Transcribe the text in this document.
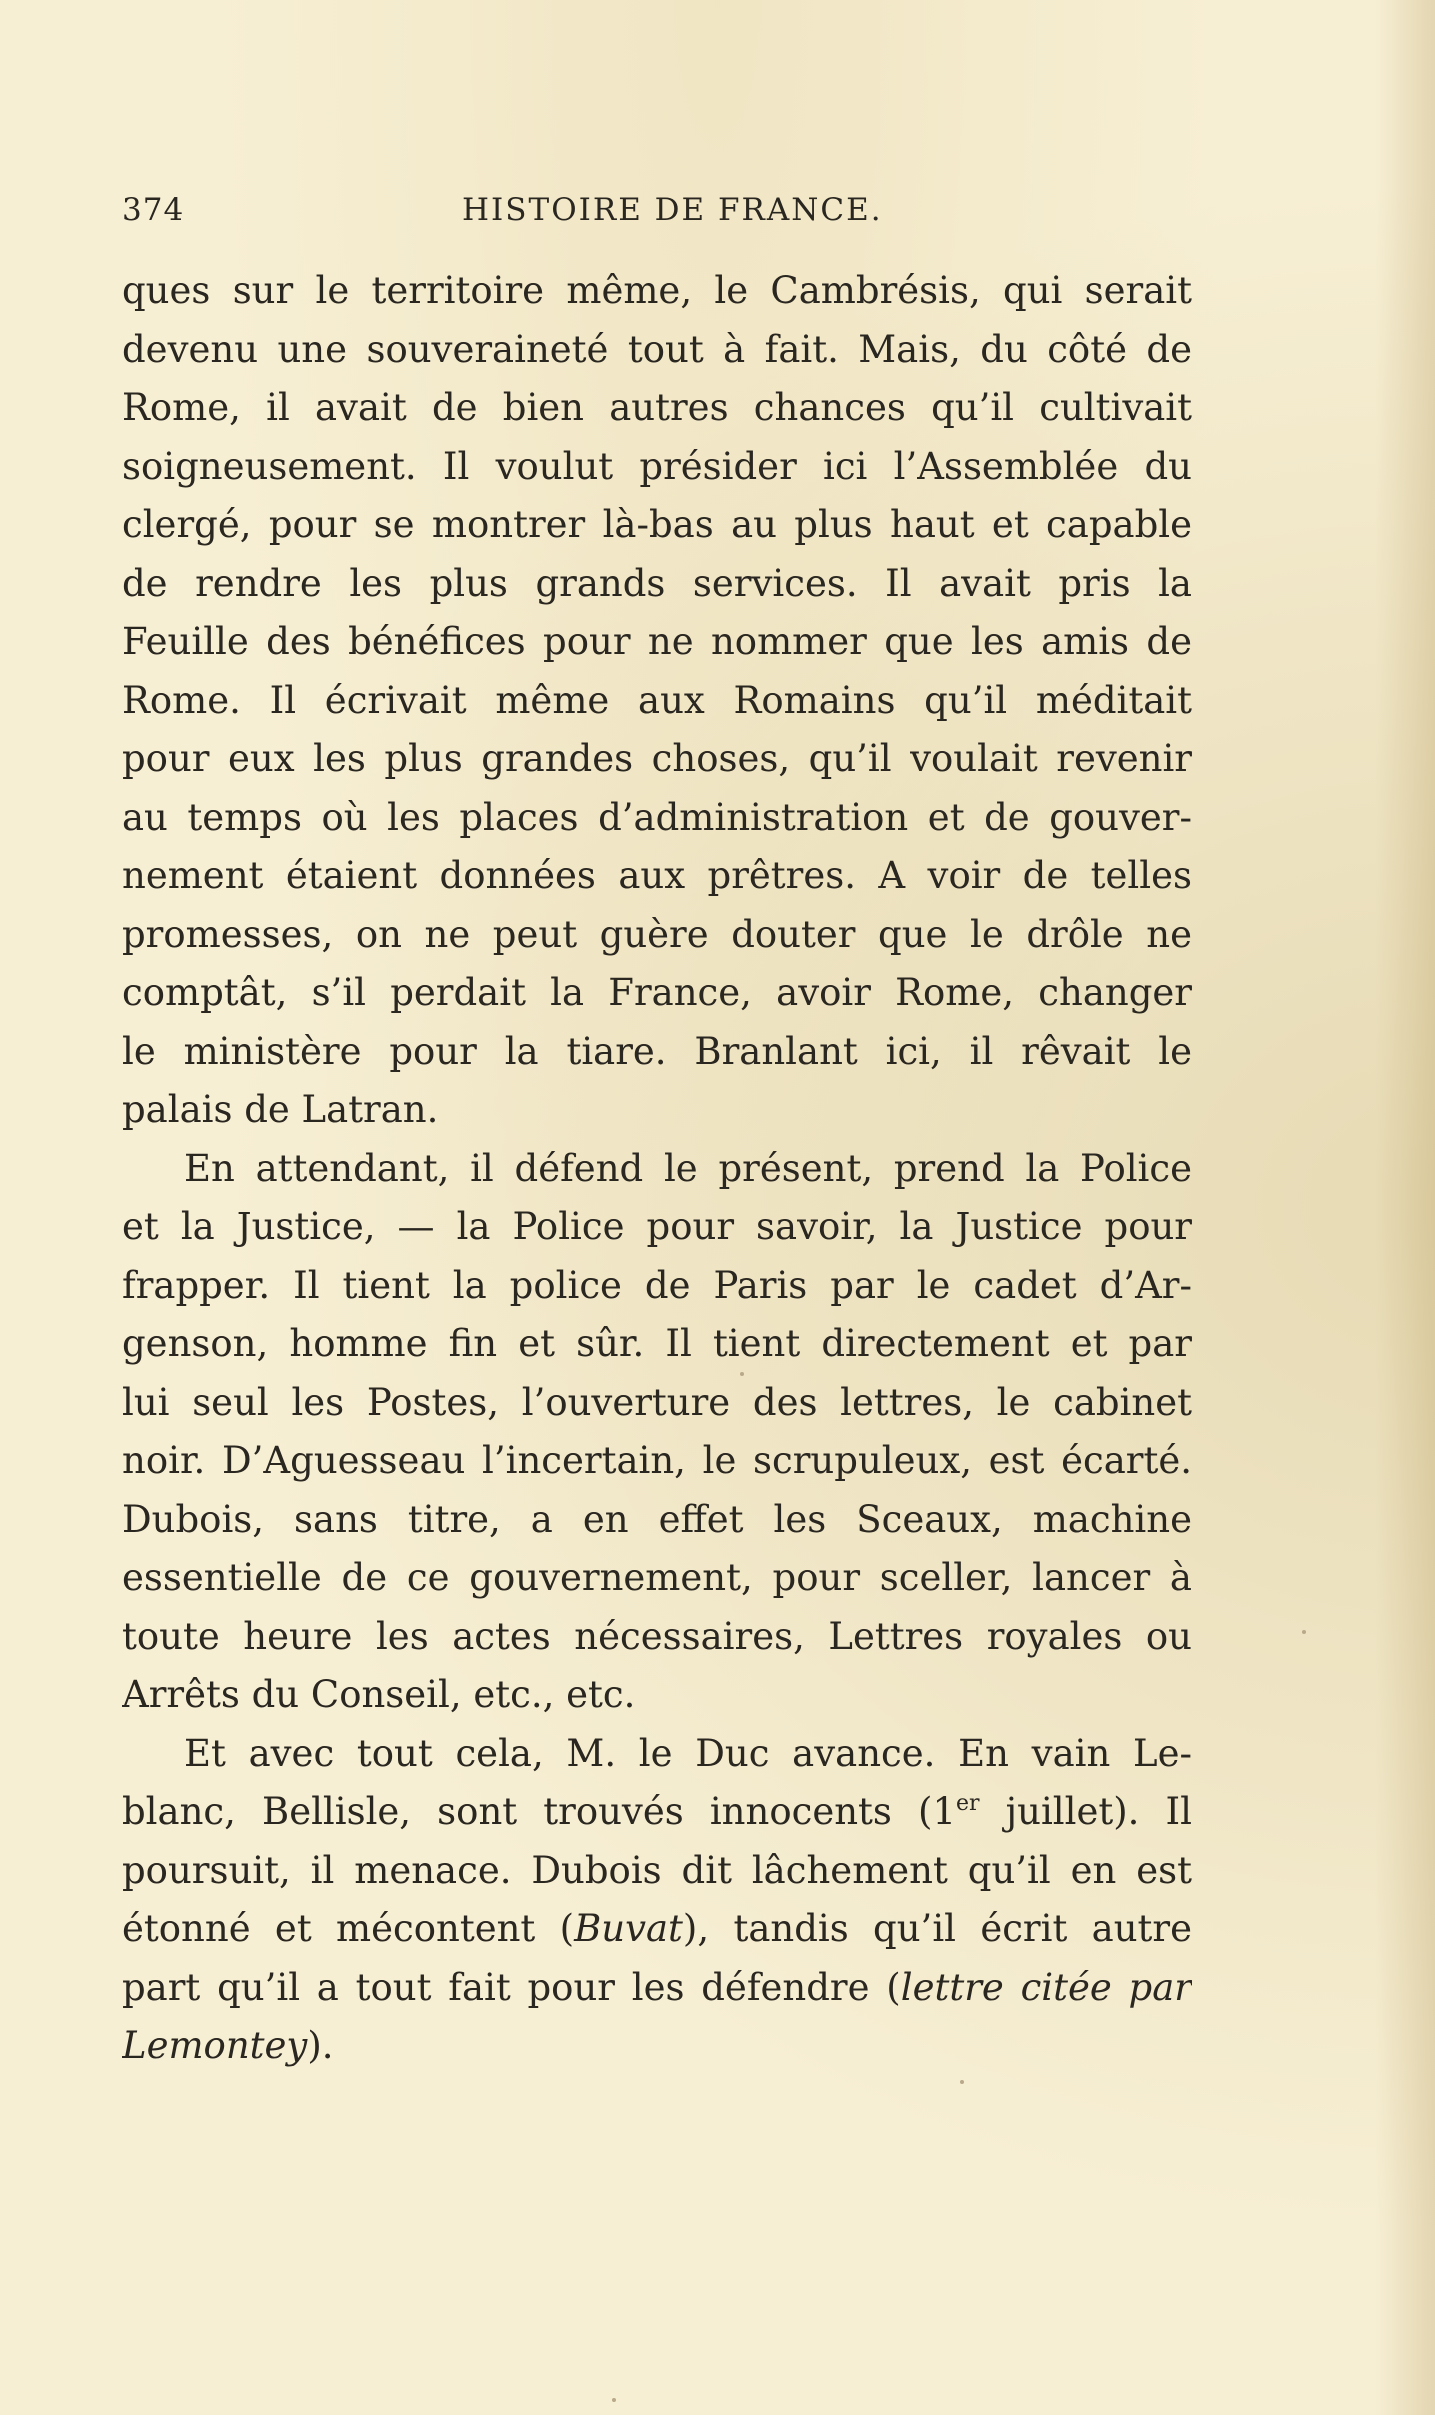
374	HISTOIRE DE FRANCE.
ques sur le territoire même, le Cambrésis, qui serait
devenu une souveraineté tout à fait. Mais, du côté de
Rome, il avait de bien autres chances qu’il cultivait
soigneusement. Il voulut présider ici l’Assemblée du
clergé, pour se montrer là-bas au plus haut et capable
de rendre les plus grands services. Il avait pris la
Feuille des bénéfices pour ne nommer que les amis de
Rome. Il écrivait même aux Romains qu’il méditait
pour eux les plus grandes choses, qu’il voulait revenir
au temps où les places d’administration et de gouver-
nement étaient données aux prêtres. A voir de telles
promesses, on ne peut guère douter que le drôle ne
comptât, s’il perdait la France, avoir Rome, changer
le ministère pour la tiare. Branlant ici, il rêvait le
palais de Latran.
En attendant, il défend le présent, prend la Police
et la Justice, — la Police pour savoir, la Justice pour
frapper. Il tient la police de Paris par le cadet d’Ar-
genson, homme fin et sûr. Il tient directement et par
lui seul les Postes, l’ouverture des lettres, le cabinet
noir. D’Aguesseau l’incertain, le scrupuleux, est écarté.
Dubois, sans titre, a en effet les Sceaux, machine
essentielle de ce gouvernement, pour sceller, lancer à
toute heure les actes nécessaires, Lettres royales ou
Arrêts du Conseil, etc., etc.
Et avec tout cela, M. le Duc avance. En vain Le-
blanc, Bellisle, sont trouvés innocents (1er juillet). Il
poursuit, il menace. Dubois dit lâchement qu’il en est
étonné et mécontent (Buvat), tandis qu’il écrit autre
part qu’il a tout fait pour les défendre (lettre citée par
Lemontey).
